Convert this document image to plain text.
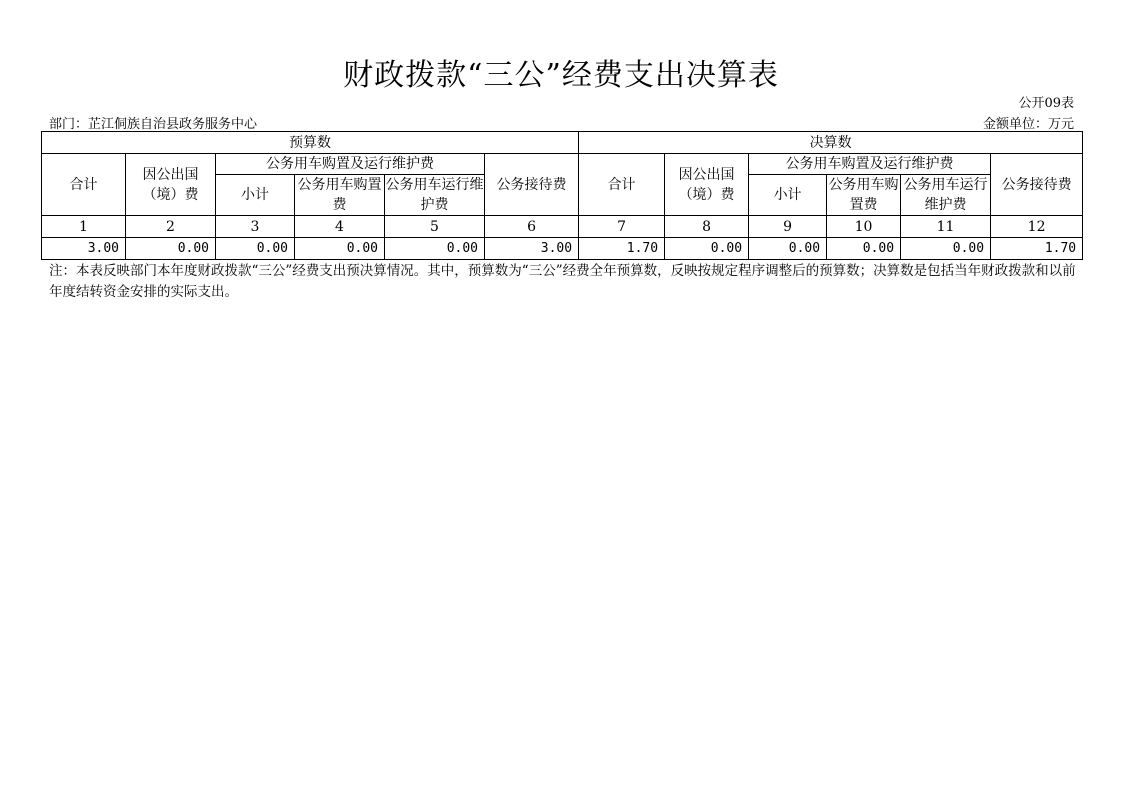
财政拨款“三公”经费支出决算表
公开09表
部门：芷江侗族自治县政务服务中心	金额单位：万元
预算数						决算数					
合计	因公出国（境）费	公务用车购置及运行维护费			公务接待费	合计	因公出国（境）费	公务用车购置及运行维护费			公务接待费
		小计	公务用车购置费	公务用车运行维护费				小计	公务用车购置费	公务用车运行维护费	
1	2	3	4	5	6	7	8	9	10	11	12
3.00	0.00	0.00	0.00	0.00	3.00	1.70	0.00	0.00	0.00	0.00	1.70
注：本表反映部门本年度财政拨款“三公”经费支出预决算情况。其中，预算数为“三公”经费全年预算数，反映按规定程序调整后的预算数；决算数是包括当年财政拨款和以前年度结转资金安排的实际支出。
